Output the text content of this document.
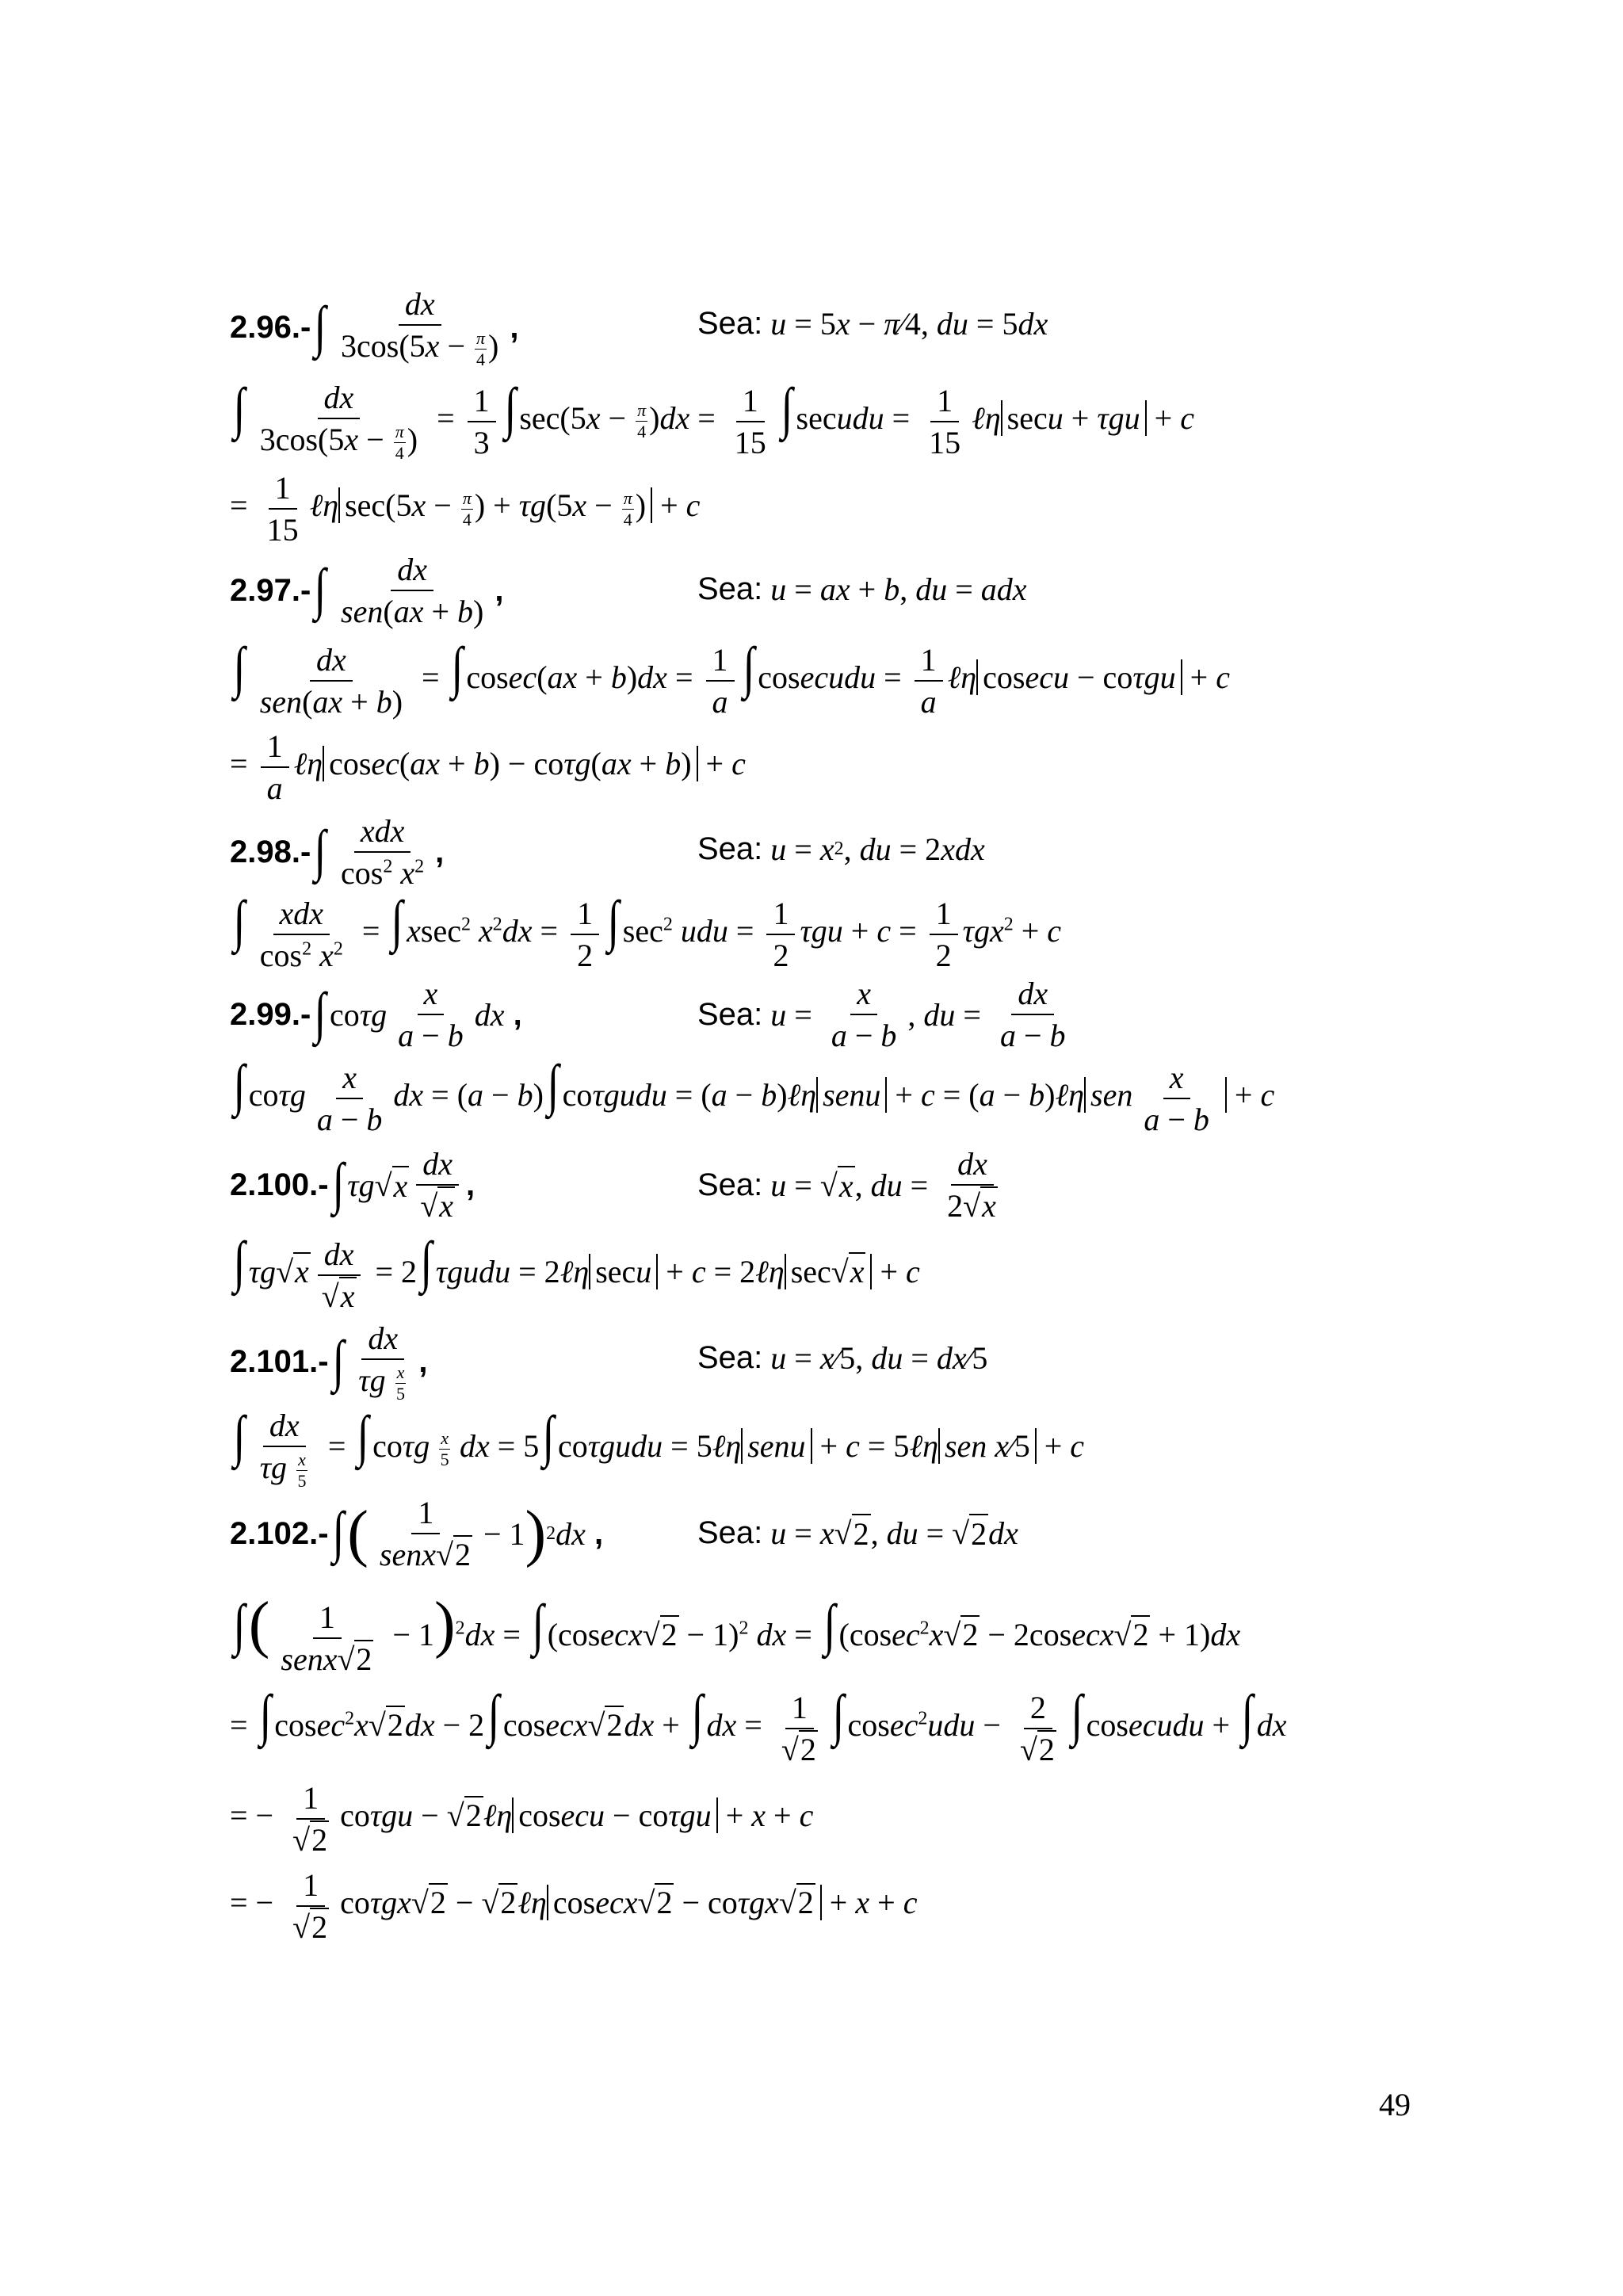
2.96.- ∫ $\frac{dx}{3\cos(5x - \frac{\pi}{4} )}$ ,	Sea: u = 5 x − π ⁄4, du = 5 dx
∫ $\frac{dx}{3\cos(5x - \frac{\pi}{4} )} = \frac{1}{3}$ ∫ $\sec(5x - \frac{\pi}{4} )dx = \frac{1}{15}$ ∫ secudu = $\frac{1}{15}$ ℓη secu + τgu + c
= $\frac{1}{15}$ ℓη $\sec(5x - \frac{\pi}{4}$ ) + $\tau g(5x - \frac{\pi}{4}$ ) + c
2.97.- ∫ $\frac{dx}{\text{sen(ax + b)}}$ ,	Sea: u = ax + b , du = adx
∫ $\frac{dx}{\text{sen(ax + b)}}$ = ∫ $cosec(ax + b)dx = \frac{1}{a}$ ∫ cosecudu = $\frac{1}{a}$ ℓη cosecu − coτgu + c
= $\frac{1}{a}$ ℓη cosec(ax + b) − coτg(ax + b) + c
2.98.- ∫ $\frac{\text{xdx}}{\cos^2 x^2}$ ,	Sea: u = x 2 , du = 2 xdx
∫ $\frac{\text{xdx}}{\cos^2 x^2}$ = ∫ xsec$^2$ $x^2dx = \frac{1}{2}$ ∫ $\sec^2$ udu = $\frac{1}{2}$ $\tau gu + c = \frac{1}{2} \tau gx^2 + c$
2.99.- ∫ co τg $\frac{x}{a - b}$ dx ,	Sea: $u = \frac{x}{a - b}$ , du = $\frac{dx}{a - b}$
∫ coτg $\frac{x}{a - b}$ dx = (a − b)∫ coτgudu = (a − b)ℓη senu + c = (a − b)ℓη sen $\frac{x}{a - b} + c$
2.100.- ∫ τg √ x dx
√ x ,	Sea: u = √ x , du = $\frac{dx}{2 √ x}$
∫ τg √ x dx
√ x = 2∫ τgudu = 2ℓη secu + c = 2ℓη sec √ x + c
2.101.- ∫ $\frac{dx}{\tau g \frac{x}{5}}$ ,	Sea: u = x ⁄5, du = dx ⁄5
∫ $\frac{dx}{\tau g \frac{x}{5}}$ = ∫ coτg $\frac{x}{5}$ dx = 5∫ coτgudu = 5ℓη senu + c = 5ℓη sen x⁄5 + c
2.102.- ∫ ( $\frac{1}{\text{senx √ 2}} - 1$ ) 2 dx ,	Sea: u = x √ 2 , du = √ 2 dx
∫( $\frac{1}{\text{senx √ 2}} - 1)^2dx$ = ∫ (cosecx √ 2 − 1)$^2$ dx = ∫ (cosec$^2$x √ 2 − 2cosecx √ 2 + 1)dx
= ∫ cosec$^2$x √ 2dx − 2∫ cosecx √ 2dx + ∫ dx = 1
√ 2 ∫ cosec$^2$udu − 2
√ 2 ∫ cosecudu + ∫ dx
= − 1
√ 2 coτgu − √ 2ℓη cosecu − coτgu + x + c
= − 1
√ 2 coτgx √ 2 − √ 2ℓη cosecx √ 2 − coτgx √ 2 + x + c
49
